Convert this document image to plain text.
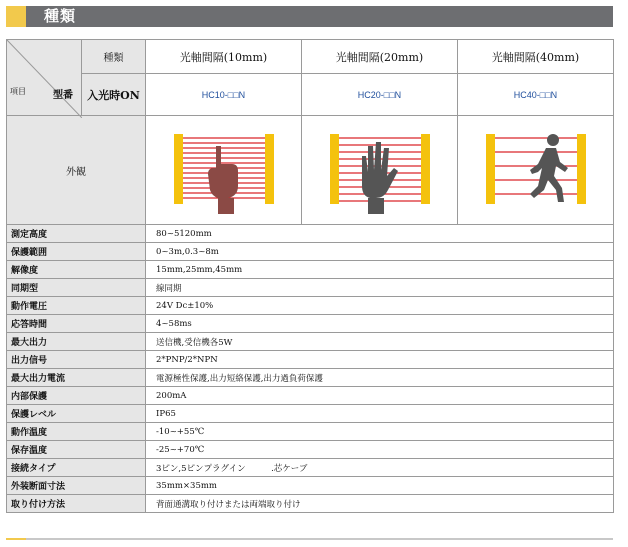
種類
項目 型番	種類	光軸間隔(10mm)	光軸間隔(20mm)	光軸間隔(40mm)
	入光時ON	HC10-□□N	HC20-□□N	HC40-□□N
外観	

測定高度		80~5120mm		
保護範囲		0~3m,0.3~8m		
解像度		15mm,25mm,45mm		
同期型		線同期		
動作電圧		24V Dc±10%		
応答時間		4~58ms		
最大出力		送信機,受信機各5W		
出力信号		2*PNP/2*NPN		
最大出力電流		電源極性保護,出力短絡保護,出力過負荷保護		
内部保護		200mA		
保護レベル		IP65		
動作温度		-10~+55℃		
保存温度		-25~+70℃		
接続タイプ		3ピン,5ピンプラグイン　　　.芯ケーブ		
外装断面寸法		35mm×35mm		
取り付け方法		背面通溝取り付けまたは両端取り付け		
